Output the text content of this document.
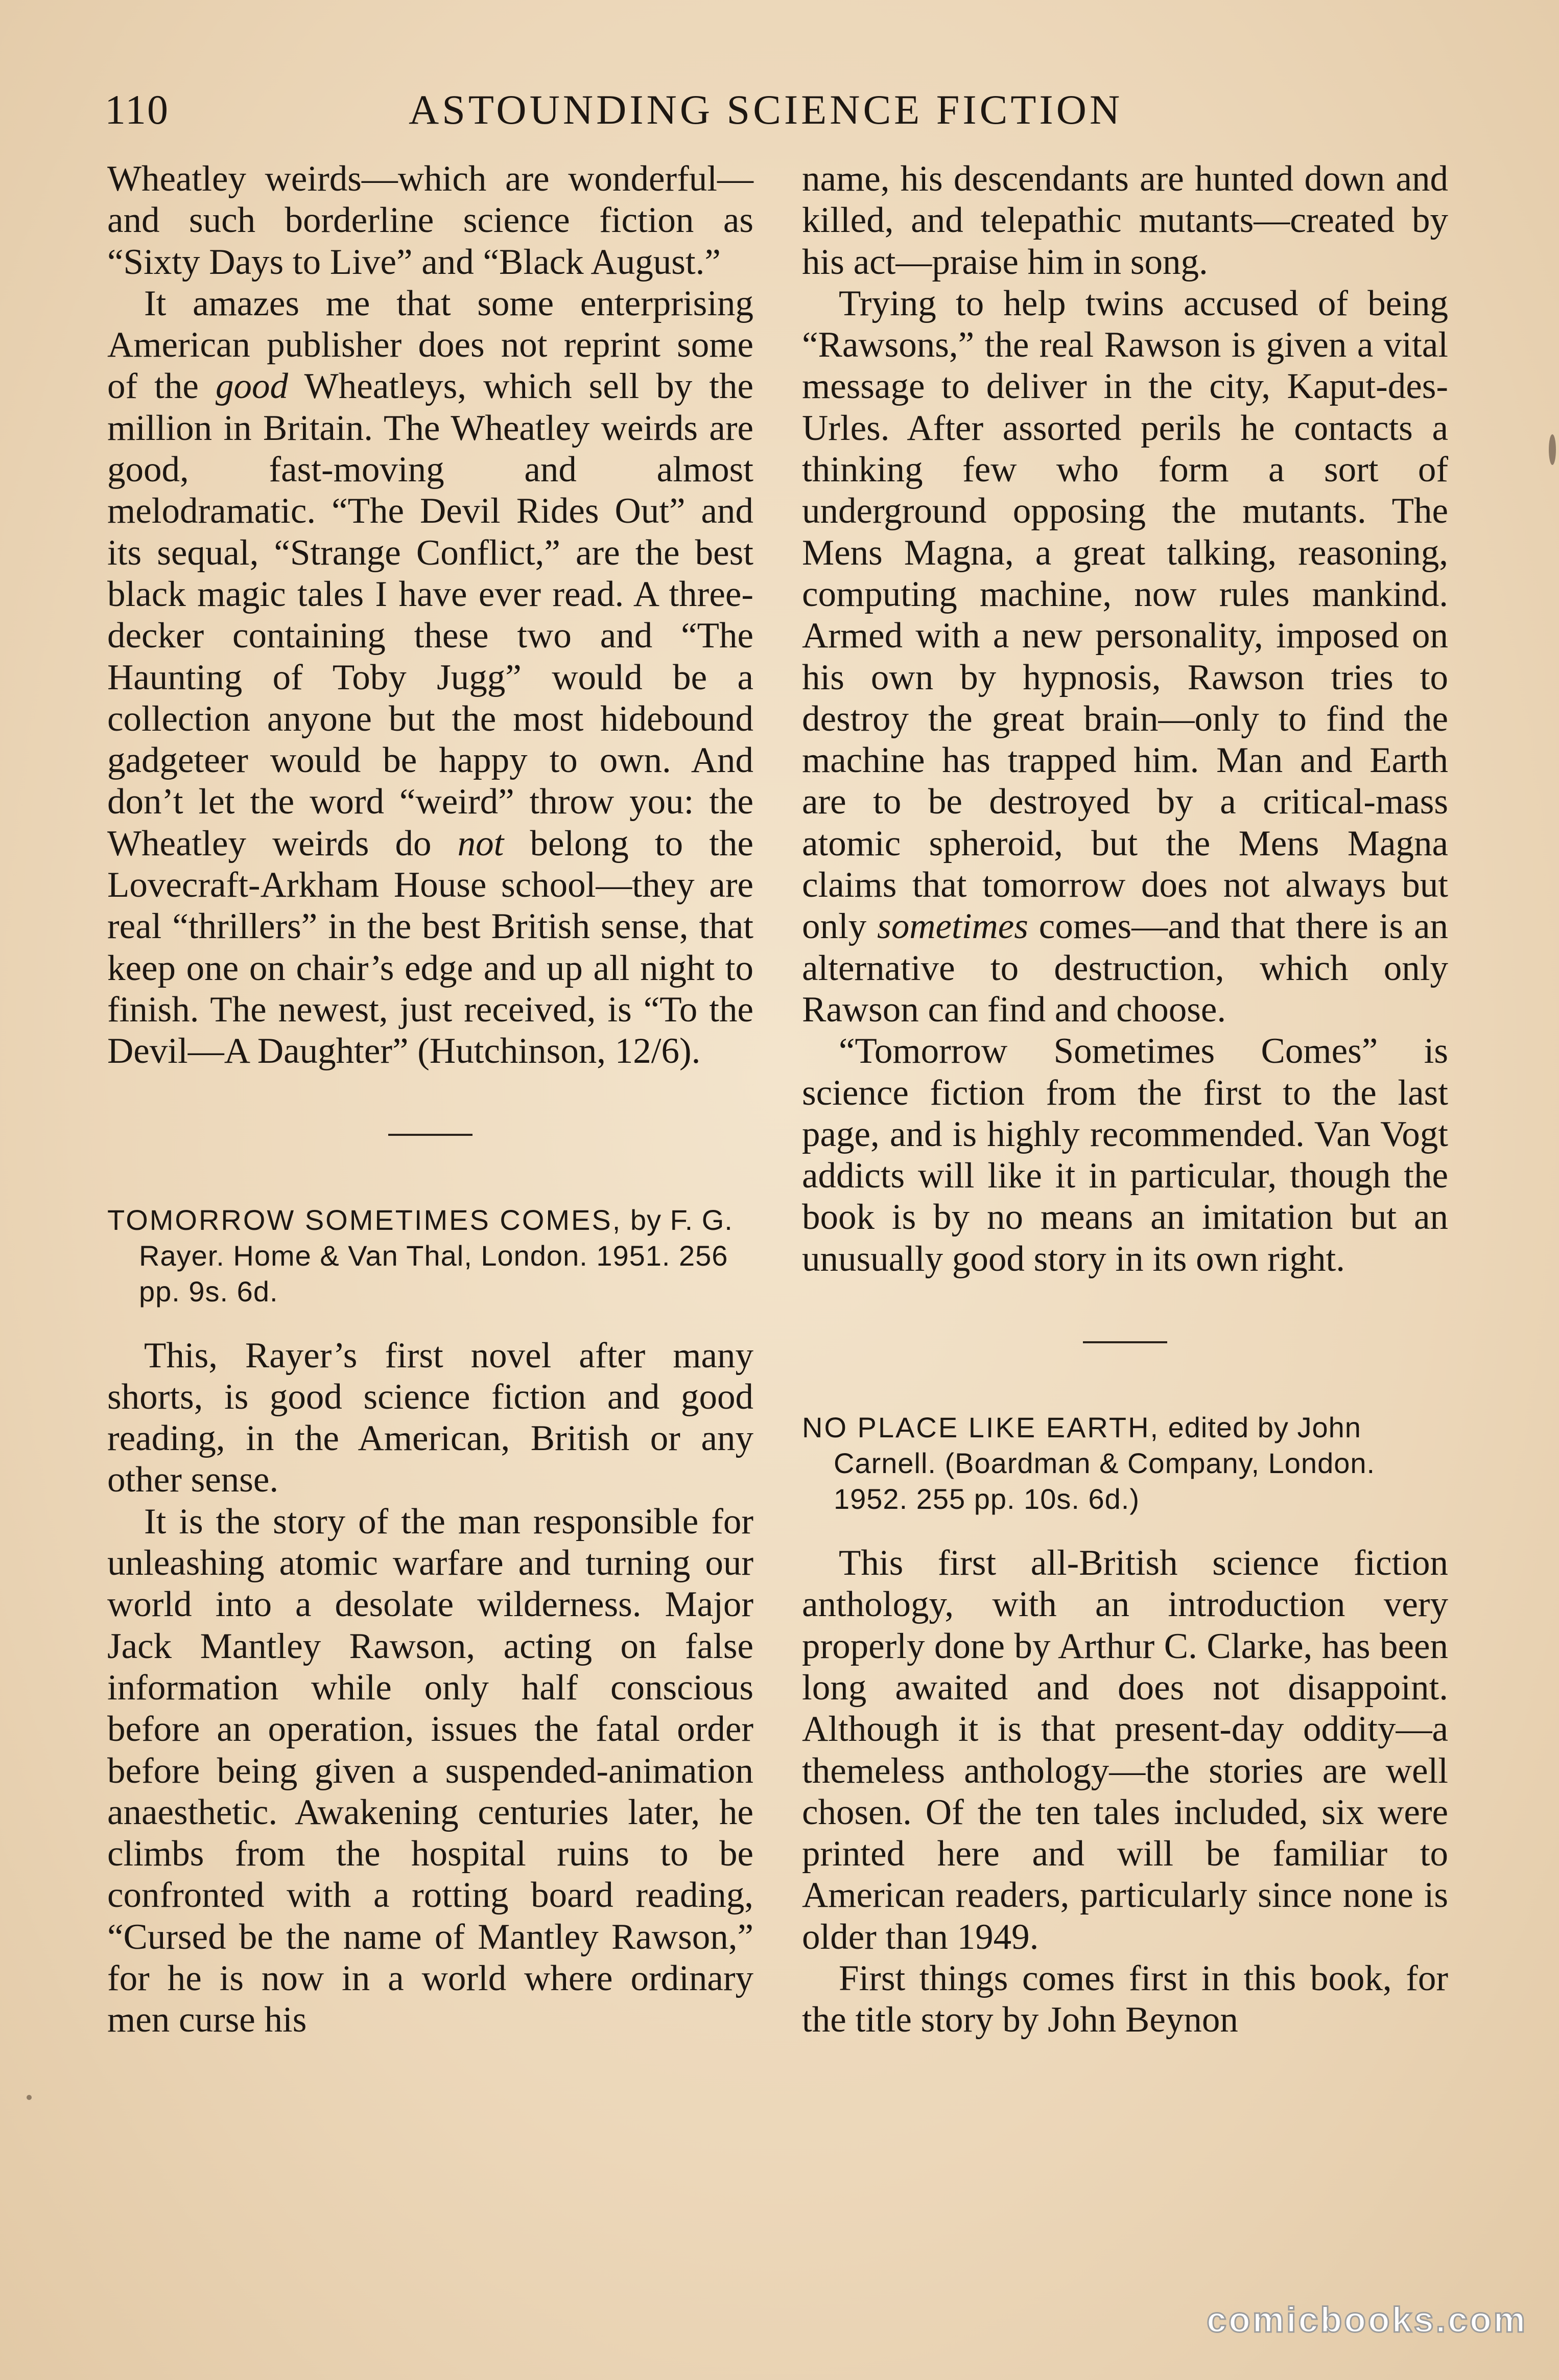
110	ASTOUNDING SCIENCE FICTION

Wheatley weirds—which are wonderful—and such borderline science fiction as “Sixty Days to Live” and “Black August.”

It amazes me that some enterprising American publisher does not reprint some of the good Wheatleys, which sell by the million in Britain. The Wheatley weirds are good, fast-moving and almost melodramatic. “The Devil Rides Out” and its sequal, “Strange Conflict,” are the best black magic tales I have ever read. A three-decker containing these two and “The Haunting of Toby Jugg” would be a collection anyone but the most hidebound gadgeteer would be happy to own. And don’t let the word “weird” throw you: the Wheatley weirds do not belong to the Lovecraft-Arkham House school—they are real “thrillers” in the best British sense, that keep one on chair’s edge and up all night to finish. The newest, just received, is “To the Devil—A Daughter” (Hutchinson, 12/6).

TOMORROW SOMETIMES COMES, by F. G. Rayer. Home & Van Thal, London. 1951. 256 pp. 9s. 6d.

This, Rayer’s first novel after many shorts, is good science fiction and good reading, in the American, British or any other sense.

It is the story of the man responsible for unleashing atomic warfare and turning our world into a desolate wilderness. Major Jack Mantley Rawson, acting on false information while only half conscious before an operation, issues the fatal order before being given a suspended-animation anaesthetic. Awakening centuries later, he climbs from the hospital ruins to be confronted with a rotting board reading, “Cursed be the name of Mantley Rawson,” for he is now in a world where ordinary men curse his

name, his descendants are hunted down and killed, and telepathic mutants—created by his act—praise him in song.

Trying to help twins accused of being “Rawsons,” the real Rawson is given a vital message to deliver in the city, Kaput-des-Urles. After assorted perils he contacts a thinking few who form a sort of underground opposing the mutants. The Mens Magna, a great talking, reasoning, computing machine, now rules mankind. Armed with a new personality, imposed on his own by hypnosis, Rawson tries to destroy the great brain—only to find the machine has trapped him. Man and Earth are to be destroyed by a critical-mass atomic spheroid, but the Mens Magna claims that tomorrow does not always but only sometimes comes—and that there is an alternative to destruction, which only Rawson can find and choose.

“Tomorrow Sometimes Comes” is science fiction from the first to the last page, and is highly recommended. Van Vogt addicts will like it in particular, though the book is by no means an imitation but an unusually good story in its own right.

NO PLACE LIKE EARTH, edited by John Carnell. (Boardman & Company, London. 1952. 255 pp. 10s. 6d.)

This first all-British science fiction anthology, with an introduction very properly done by Arthur C. Clarke, has been long awaited and does not disappoint. Although it is that present-day oddity—a themeless anthology—the stories are well chosen. Of the ten tales included, six were printed here and will be familiar to American readers, particularly since none is older than 1949.

First things comes first in this book, for the title story by John Beynon

comicbooks.com
